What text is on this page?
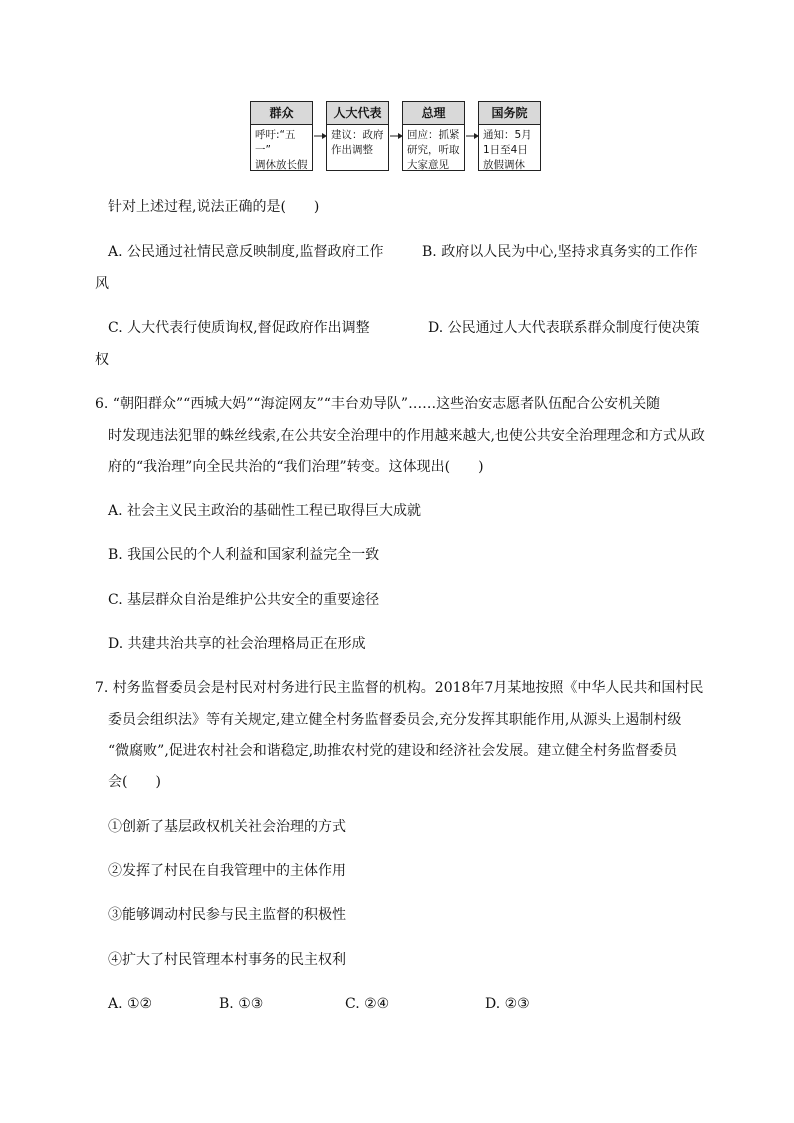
群众
呼吁:“五一”
调休放长假
人大代表
建议：政府
作出调整
总理
回应：抓紧
研究，听取
大家意见
国务院
通知：5月
1日至4日
放假调休
针对上述过程,说法正确的是(　　)
A. 公民通过社情民意反映制度,监督政府工作	B. 政府以人民为中心,坚持求真务实的工作作
风
C. 人大代表行使质询权,督促政府作出调整	D. 公民通过人大代表联系群众制度行使决策
权
6. “朝阳群众”“西城大妈”“海淀网友”“丰台劝导队”……这些治安志愿者队伍配合公安机关随
时发现违法犯罪的蛛丝线索,在公共安全治理中的作用越来越大,也使公共安全治理理念和方式从政
府的“我治理”向全民共治的“我们治理”转变。这体现出(　　)
A. 社会主义民主政治的基础性工程已取得巨大成就
B. 我国公民的个人利益和国家利益完全一致
C. 基层群众自治是维护公共安全的重要途径
D. 共建共治共享的社会治理格局正在形成
7. 村务监督委员会是村民对村务进行民主监督的机构。2018年7月某地按照《中华人民共和国村民
委员会组织法》等有关规定,建立健全村务监督委员会,充分发挥其职能作用,从源头上遏制村级
“微腐败”,促进农村社会和谐稳定,助推农村党的建设和经济社会发展。建立健全村务监督委员
会(　　)
①创新了基层政权机关社会治理的方式
②发挥了村民在自我管理中的主体作用
③能够调动村民参与民主监督的积极性
④扩大了村民管理本村事务的民主权利
A. ①②	B. ①③	C. ②④	D. ②③
